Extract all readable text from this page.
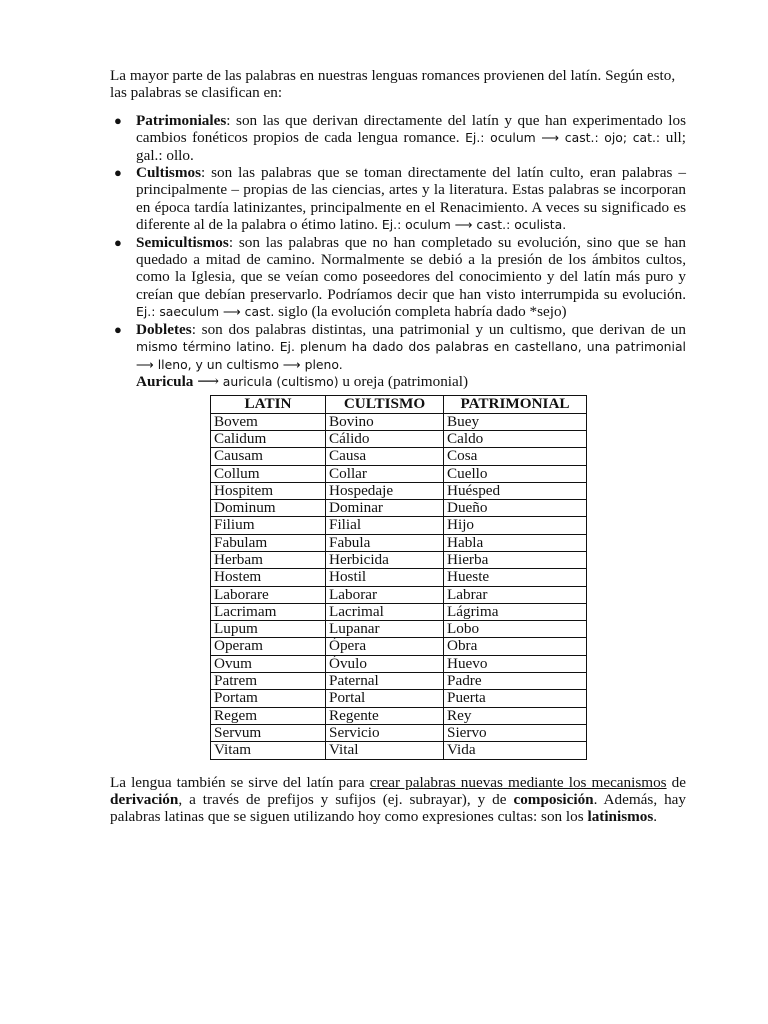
La mayor parte de las palabras en nuestras lenguas romances provienen del latín. Según esto, las palabras se clasifican en:

● Patrimoniales: son las que derivan directamente del latín y que han experimentado los cambios fonéticos propios de cada lengua romance. Ej.: oculum ⟶ cast.: ojo; cat.: ull; gal.: ollo.
● Cultismos: son las palabras que se toman directamente del latín culto, eran palabras – principalmente – propias de las ciencias, artes y la literatura. Estas palabras se incorporan en época tardía latinizantes, principalmente en el Renacimiento. A veces su significado es diferente al de la palabra o étimo latino. Ej.: oculum ⟶ cast.: oculista.
● Semicultismos: son las palabras que no han completado su evolución, sino que se han quedado a mitad de camino. Normalmente se debió a la presión de los ámbitos cultos, como la Iglesia, que se veían como poseedores del conocimiento y del latín más puro y creían que debían preservarlo. Podríamos decir que han visto interrumpida su evolución. Ej.: saeculum ⟶ cast. siglo (la evolución completa habría dado *sejo)
● Dobletes: son dos palabras distintas, una patrimonial y un cultismo, que derivan de un mismo término latino. Ej. plenum ha dado dos palabras en castellano, una patrimonial ⟶ lleno, y un cultismo ⟶ pleno.

Auricula ⟶ auricula (cultismo) u oreja (patrimonial)

LATIN	CULTISMO	PATRIMONIAL
Bovem	Bovino	Buey
Calidum	Cálido	Caldo
Causam	Causa	Cosa
Collum	Collar	Cuello
Hospitem	Hospedaje	Huésped
Dominum	Dominar	Dueño
Filium	Filial	Hijo
Fabulam	Fabula	Habla
Herbam	Herbicida	Hierba
Hostem	Hostil	Hueste
Laborare	Laborar	Labrar
Lacrimam	Lacrimal	Lágrima
Lupum	Lupanar	Lobo
Operam	Ópera	Obra
Ovum	Óvulo	Huevo
Patrem	Paternal	Padre
Portam	Portal	Puerta
Regem	Regente	Rey
Servum	Servicio	Siervo
Vitam	Vital	Vida

La lengua también se sirve del latín para crear palabras nuevas mediante los mecanismos de derivación, a través de prefijos y sufijos (ej. subrayar), y de composición. Además, hay palabras latinas que se siguen utilizando hoy como expresiones cultas: son los latinismos.
